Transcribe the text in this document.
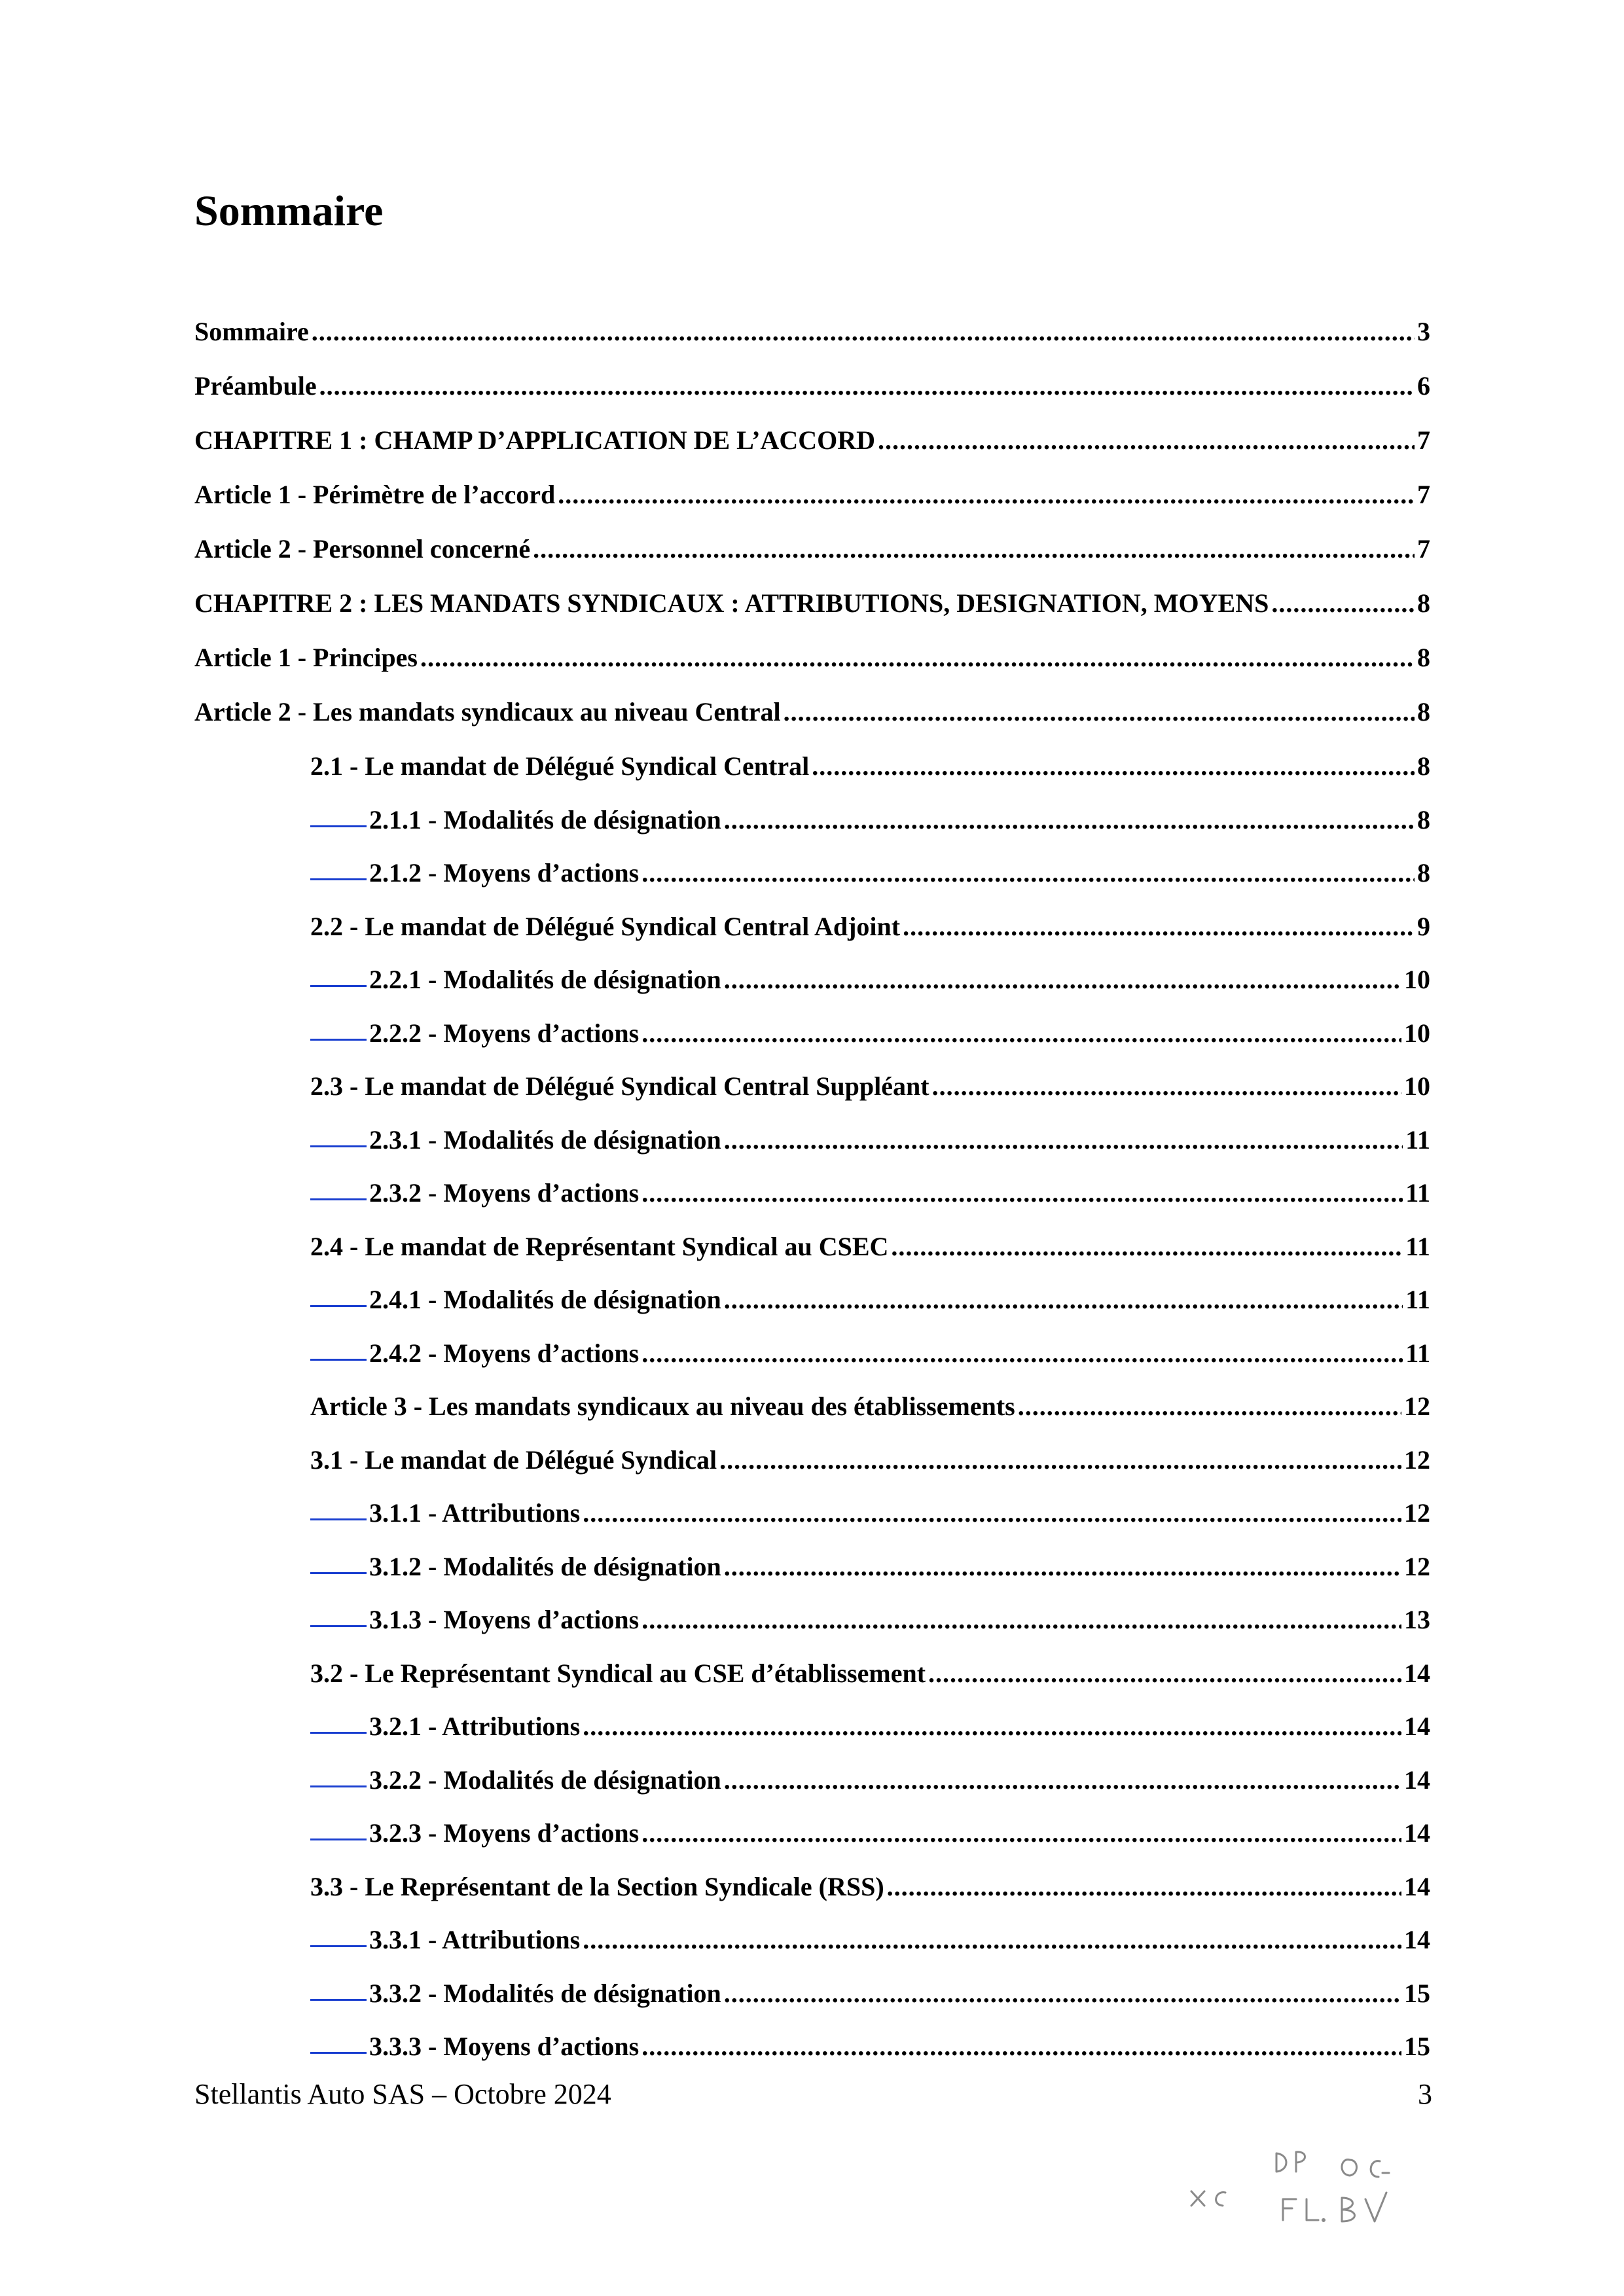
Sommaire
Sommaire .....	3
Préambule .....	6
CHAPITRE 1 : CHAMP D’APPLICATION DE L’ACCORD .....	7
Article 1 - Périmètre de l’accord .....	7
Article 2 - Personnel concerné .....	7
CHAPITRE 2 : LES MANDATS SYNDICAUX : ATTRIBUTIONS, DESIGNATION, MOYENS .....	8
Article 1 - Principes .....	8
Article 2 - Les mandats syndicaux au niveau Central .....	8
2.1 - Le mandat de Délégué Syndical Central .....	8
2.1.1 - Modalités de désignation .....	8
2.1.2 - Moyens d’actions .....	8
2.2 - Le mandat de Délégué Syndical Central Adjoint .....	9
2.2.1 - Modalités de désignation .....	10
2.2.2 - Moyens d’actions .....	10
2.3 - Le mandat de Délégué Syndical Central Suppléant .....	10
2.3.1 - Modalités de désignation .....	11
2.3.2 - Moyens d’actions .....	11
2.4 - Le mandat de Représentant Syndical au CSEC .....	11
2.4.1 - Modalités de désignation .....	11
2.4.2 - Moyens d’actions .....	11
Article 3 - Les mandats syndicaux au niveau des établissements .....	12
3.1 - Le mandat de Délégué Syndical .....	12
3.1.1 - Attributions .....	12
3.1.2 - Modalités de désignation .....	12
3.1.3 - Moyens d’actions .....	13
3.2 - Le Représentant Syndical au CSE d’établissement .....	14
3.2.1 - Attributions .....	14
3.2.2 - Modalités de désignation .....	14
3.2.3 - Moyens d’actions .....	14
3.3 - Le Représentant de la Section Syndicale (RSS) .....	14
3.3.1 - Attributions .....	14
3.3.2 - Modalités de désignation .....	15
3.3.3 - Moyens d’actions .....	15
Stellantis Auto SAS – Octobre 2024	3
